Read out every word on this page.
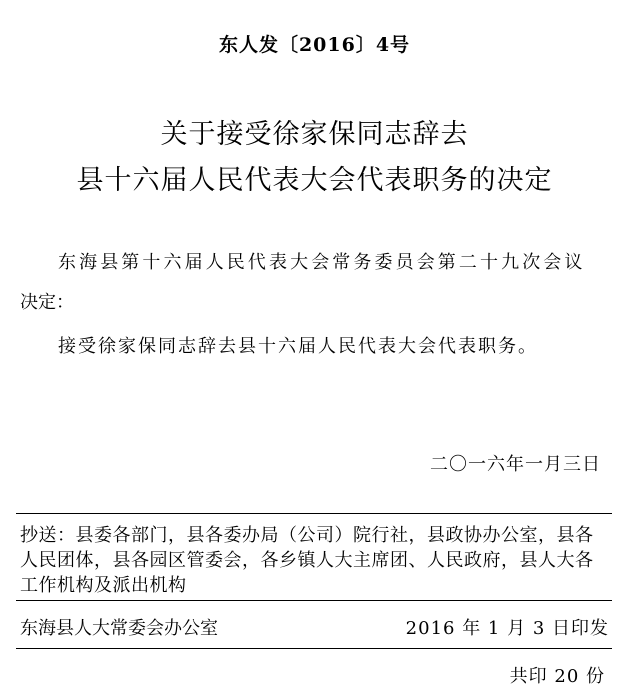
东人发〔2016〕4号
关于接受徐家保同志辞去
县十六届人民代表大会代表职务的决定
东海县第十六届人民代表大会常务委员会第二十九次会议
决定：
接受徐家保同志辞去县十六届人民代表大会代表职务。
二〇一六年一月三日
抄送：县委各部门，县各委办局（公司）院行社，县政协办公室，县各人民团体，县各园区管委会，各乡镇人大主席团、人民政府，县人大各工作机构及派出机构
东海县人大常委会办公室	2016 年 1 月 3 日印发
共印 20 份
